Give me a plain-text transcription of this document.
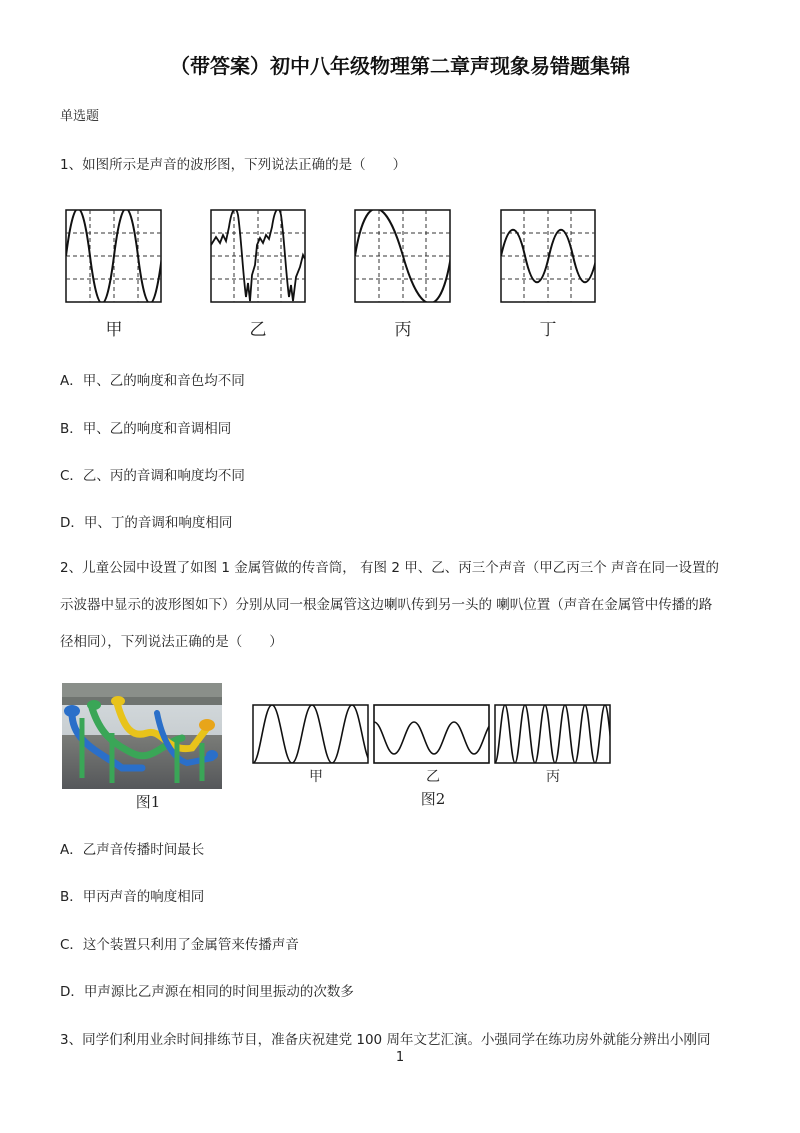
（带答案）初中八年级物理第二章声现象易错题集锦
单选题
1、如图所示是声音的波形图，下列说法正确的是（　　）
甲	乙	丙	丁
A．甲、乙的响度和音色均不同
B．甲、乙的响度和音调相同
C．乙、丙的音调和响度均不同
D．甲、丁的音调和响度相同
2、儿童公园中设置了如图 1 金属管做的传音筒， 有图 2 甲、乙、丙三个声音（甲乙丙三个 声音在同一设置的
示波器中显示的波形图如下）分别从同一根金属管这边喇叭传到另一头的 喇叭位置（声音在金属管中传播的路
径相同），下列说法正确的是（　　）
图1
甲	乙	丙
图2
A．乙声音传播时间最长
B．甲丙声音的响度相同
C．这个装置只利用了金属管来传播声音
D．甲声源比乙声源在相同的时间里振动的次数多
3、同学们利用业余时间排练节目，准备庆祝建党 100 周年文艺汇演。小强同学在练功房外就能分辨出小刚同
1
